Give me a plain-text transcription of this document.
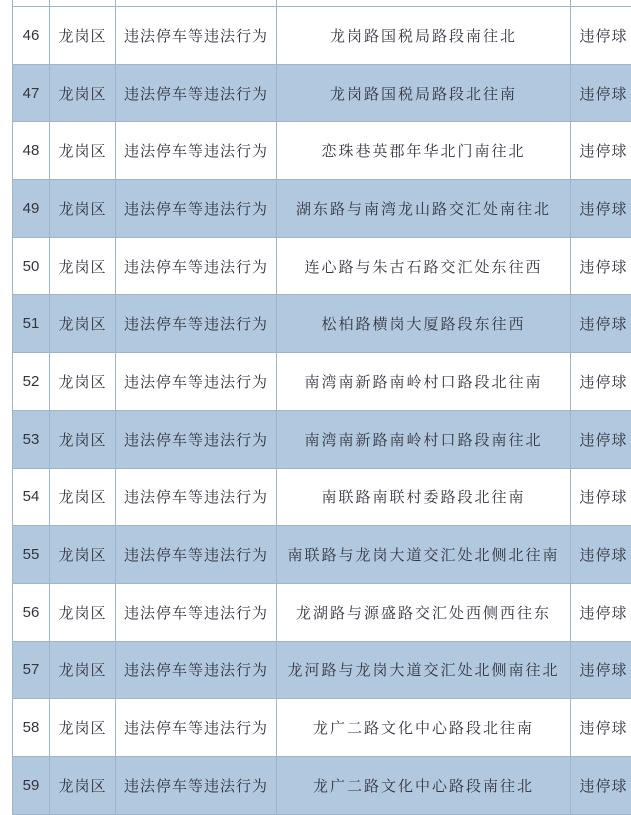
46	龙岗区	违法停车等违法行为	龙岗路国税局路段南往北	违停球
47	龙岗区	违法停车等违法行为	龙岗路国税局路段北往南	违停球
48	龙岗区	违法停车等违法行为	恋珠巷英郡年华北门南往北	违停球
49	龙岗区	违法停车等违法行为	湖东路与南湾龙山路交汇处南往北	违停球
50	龙岗区	违法停车等违法行为	连心路与朱古石路交汇处东往西	违停球
51	龙岗区	违法停车等违法行为	松柏路横岗大厦路段东往西	违停球
52	龙岗区	违法停车等违法行为	南湾南新路南岭村口路段北往南	违停球
53	龙岗区	违法停车等违法行为	南湾南新路南岭村口路段南往北	违停球
54	龙岗区	违法停车等违法行为	南联路南联村委路段北往南	违停球
55	龙岗区	违法停车等违法行为	南联路与龙岗大道交汇处北侧北往南	违停球
56	龙岗区	违法停车等违法行为	龙湖路与源盛路交汇处西侧西往东	违停球
57	龙岗区	违法停车等违法行为	龙河路与龙岗大道交汇处北侧南往北	违停球
58	龙岗区	违法停车等违法行为	龙广二路文化中心路段北往南	违停球
59	龙岗区	违法停车等违法行为	龙广二路文化中心路段南往北	违停球
